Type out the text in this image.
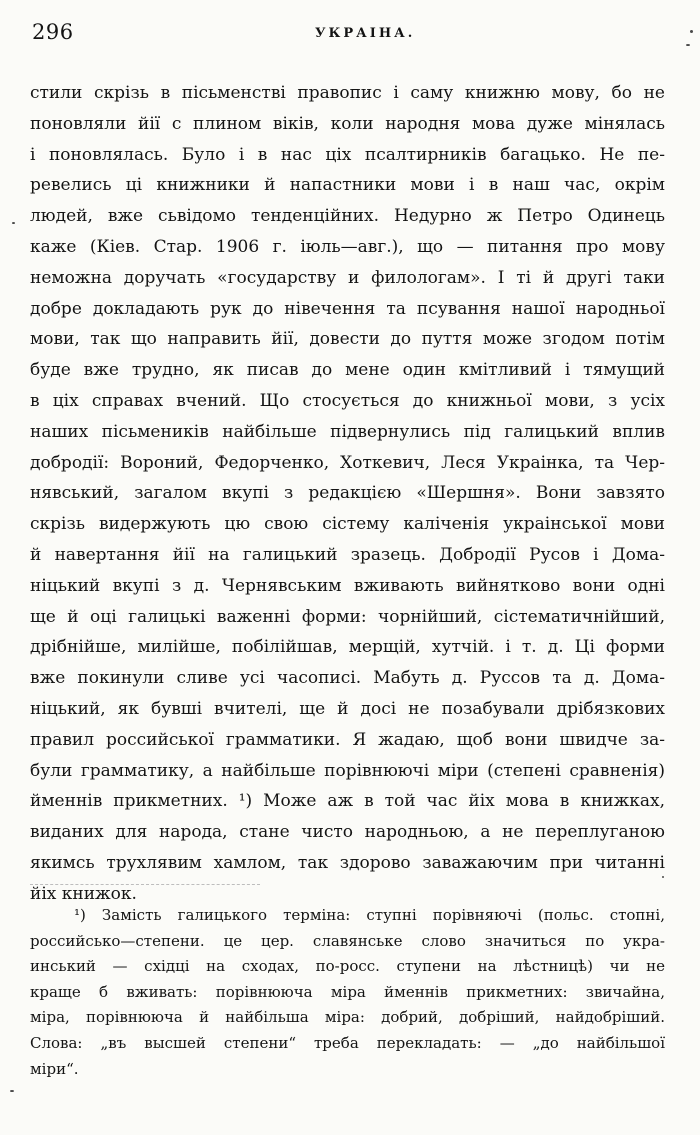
296	УКРАІНА.
стили скрізь в пісьменстві правопис і саму книжню мову, бо не
поновляли йії с плином віків, коли народня мова дуже мінялась
і поновлялась. Було і в нас ціх псалтирників багацько. Не пе-
ревелись ці книжники й напастники мови і в наш час, окрім
людей, вже сьвідомо тенденційних. Недурно ж Петро Одинець
каже (Кіев. Стар. 1906 г. іюль—авг.), що — питання про мову
неможна доручать «государству и филологам». І ті й другі таки
добре докладають рук до нівечення та псування нашої народньої
мови, так що направить йії, довести до пуття може згодом потім
буде вже трудно, як писав до мене один кмітливий і тямущий
в ціх справах вчений. Що стосується до книжньої мови, з усіх
наших пісьмеників найбільше підвернулись під галицький вплив
добродії: Вороний, Федорченко, Хоткевич, Леся Украінка, та Чер-
нявський, загалом вкупі з редакцією «Шершня». Вони завзято
скрізь видержують цю свою сістему каліченія украінської мови
й навертання йії на галицький зразець. Добродії Русов і Дома-
ніцький вкупі з д. Чернявським вживають вийнятково вони одні
ще й оці галицькі важенні форми: чорнійший, сістематичнійший,
дрібнійше, милійше, побілійшав, мерщій, хутчій. і т. д. Ці форми
вже покинули сливе усі часописі. Мабуть д. Руссов та д. Дома-
ніцький, як бувші вчителі, ще й досі не позабували дрібязкових
правил российської грамматики. Я жадаю, щоб вони швидче за-
були грамматику, а найбільше порівнюючі міри (степені сравненія)
йменнів прикметних. ¹) Може аж в той час йіх мова в книжках,
виданих для народа, стане чисто народньою, а не переплуганою
якимсь трухлявим хамлом, так здорово заважаючим при читанні
йіх книжок.
¹) Замість галицького терміна: ступні порівняючі (польс. стопні,
российсько—степени. це цер. славянське слово значиться по укра-
инський — східці на сходах, по-росс. ступени на лѣстницѣ) чи не
краще б вживать: порівнююча міра йменнів прикметних: звичайна,
міра, порівнююча й найбільша міра: добрий, добріший, найдобріший.
Слова: „въ высшей степени“ треба перекладать: — „до найбільшої
міри“.
